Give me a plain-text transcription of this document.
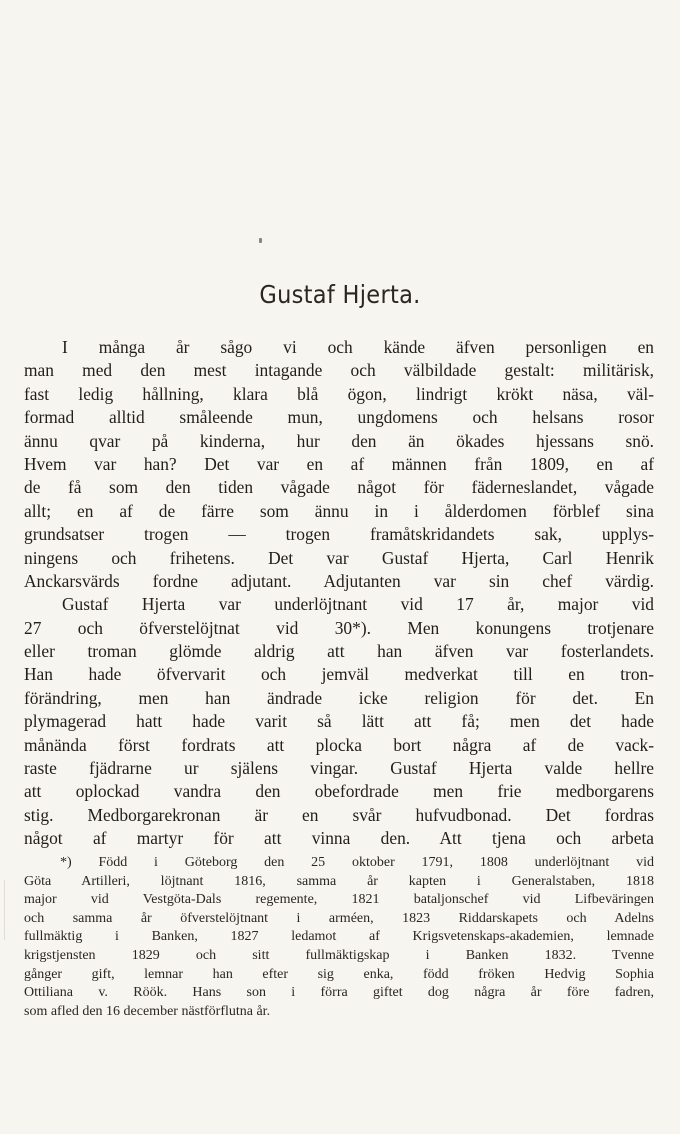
Gustaf Hjerta.
I många år sågo vi och kände äfven personligen en
man med den mest intagande och välbildade gestalt: militärisk,
fast ledig hållning, klara blå ögon, lindrigt krökt näsa, väl-
formad alltid småleende mun, ungdomens och helsans rosor
ännu qvar på kinderna, hur den än ökades hjessans snö.
Hvem var han? Det var en af männen från 1809, en af
de få som den tiden vågade något för fäderneslandet, vågade
allt; en af de färre som ännu in i ålderdomen förblef sina
grundsatser trogen — trogen framåtskridandets sak, upplys-
ningens och frihetens. Det var Gustaf Hjerta, Carl Henrik
Anckarsvärds fordne adjutant. Adjutanten var sin chef värdig.
Gustaf Hjerta var underlöjtnant vid 17 år, major vid
27 och öfverstelöjtnat vid 30*). Men konungens trotjenare
eller troman glömde aldrig att han äfven var fosterlandets.
Han hade öfvervarit och jemväl medverkat till en tron-
förändring, men han ändrade icke religion för det. En
plymagerad hatt hade varit så lätt att få; men det hade
månända först fordrats att plocka bort några af de vack-
raste fjädrarne ur själens vingar. Gustaf Hjerta valde hellre
att oplockad vandra den obefordrade men frie medborgarens
stig. Medborgarekronan är en svår hufvudbonad. Det fordras
något af martyr för att vinna den. Att tjena och arbeta
*) Född i Göteborg den 25 oktober 1791, 1808 underlöjtnant vid
Göta Artilleri, löjtnant 1816, samma år kapten i Generalstaben, 1818
major vid Vestgöta-Dals regemente, 1821 bataljonschef vid Lifbeväringen
och samma år öfverstelöjtnant i arméen, 1823 Riddarskapets och Adelns
fullmäktig i Banken, 1827 ledamot af Krigsvetenskaps-akademien, lemnade
krigstjensten 1829 och sitt fullmäktigskap i Banken 1832. Tvenne
gånger gift, lemnar han efter sig enka, född fröken Hedvig Sophia
Ottiliana v. Röök. Hans son i förra giftet dog några år före fadren,
som afled den 16 december nästförflutna år.
